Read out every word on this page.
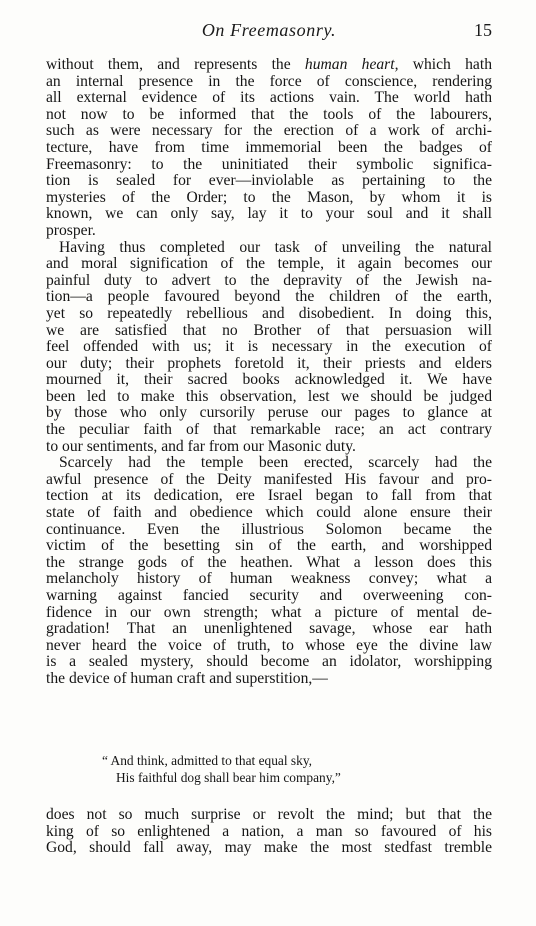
On Freemasonry.	15
without them, and represents the human heart, which hath
an internal presence in the force of conscience, rendering
all external evidence of its actions vain. The world hath
not now to be informed that the tools of the labourers,
such as were necessary for the erection of a work of archi-
tecture, have from time immemorial been the badges of
Freemasonry: to the uninitiated their symbolic significa-
tion is sealed for ever—inviolable as pertaining to the
mysteries of the Order; to the Mason, by whom it is
known, we can only say, lay it to your soul and it shall
prosper.
Having thus completed our task of unveiling the natural
and moral signification of the temple, it again becomes our
painful duty to advert to the depravity of the Jewish na-
tion—a people favoured beyond the children of the earth,
yet so repeatedly rebellious and disobedient. In doing this,
we are satisfied that no Brother of that persuasion will
feel offended with us; it is necessary in the execution of
our duty; their prophets foretold it, their priests and elders
mourned it, their sacred books acknowledged it. We have
been led to make this observation, lest we should be judged
by those who only cursorily peruse our pages to glance at
the peculiar faith of that remarkable race; an act contrary
to our sentiments, and far from our Masonic duty.
Scarcely had the temple been erected, scarcely had the
awful presence of the Deity manifested His favour and pro-
tection at its dedication, ere Israel began to fall from that
state of faith and obedience which could alone ensure their
continuance. Even the illustrious Solomon became the
victim of the besetting sin of the earth, and worshipped
the strange gods of the heathen. What a lesson does this
melancholy history of human weakness convey; what a
warning against fancied security and overweening con-
fidence in our own strength; what a picture of mental de-
gradation! That an unenlightened savage, whose ear hath
never heard the voice of truth, to whose eye the divine law
is a sealed mystery, should become an idolator, worshipping
the device of human craft and superstition,—
“ And think, admitted to that equal sky,
His faithful dog shall bear him company,”
does not so much surprise or revolt the mind; but that the
king of so enlightened a nation, a man so favoured of his
God, should fall away, may make the most stedfast tremble
